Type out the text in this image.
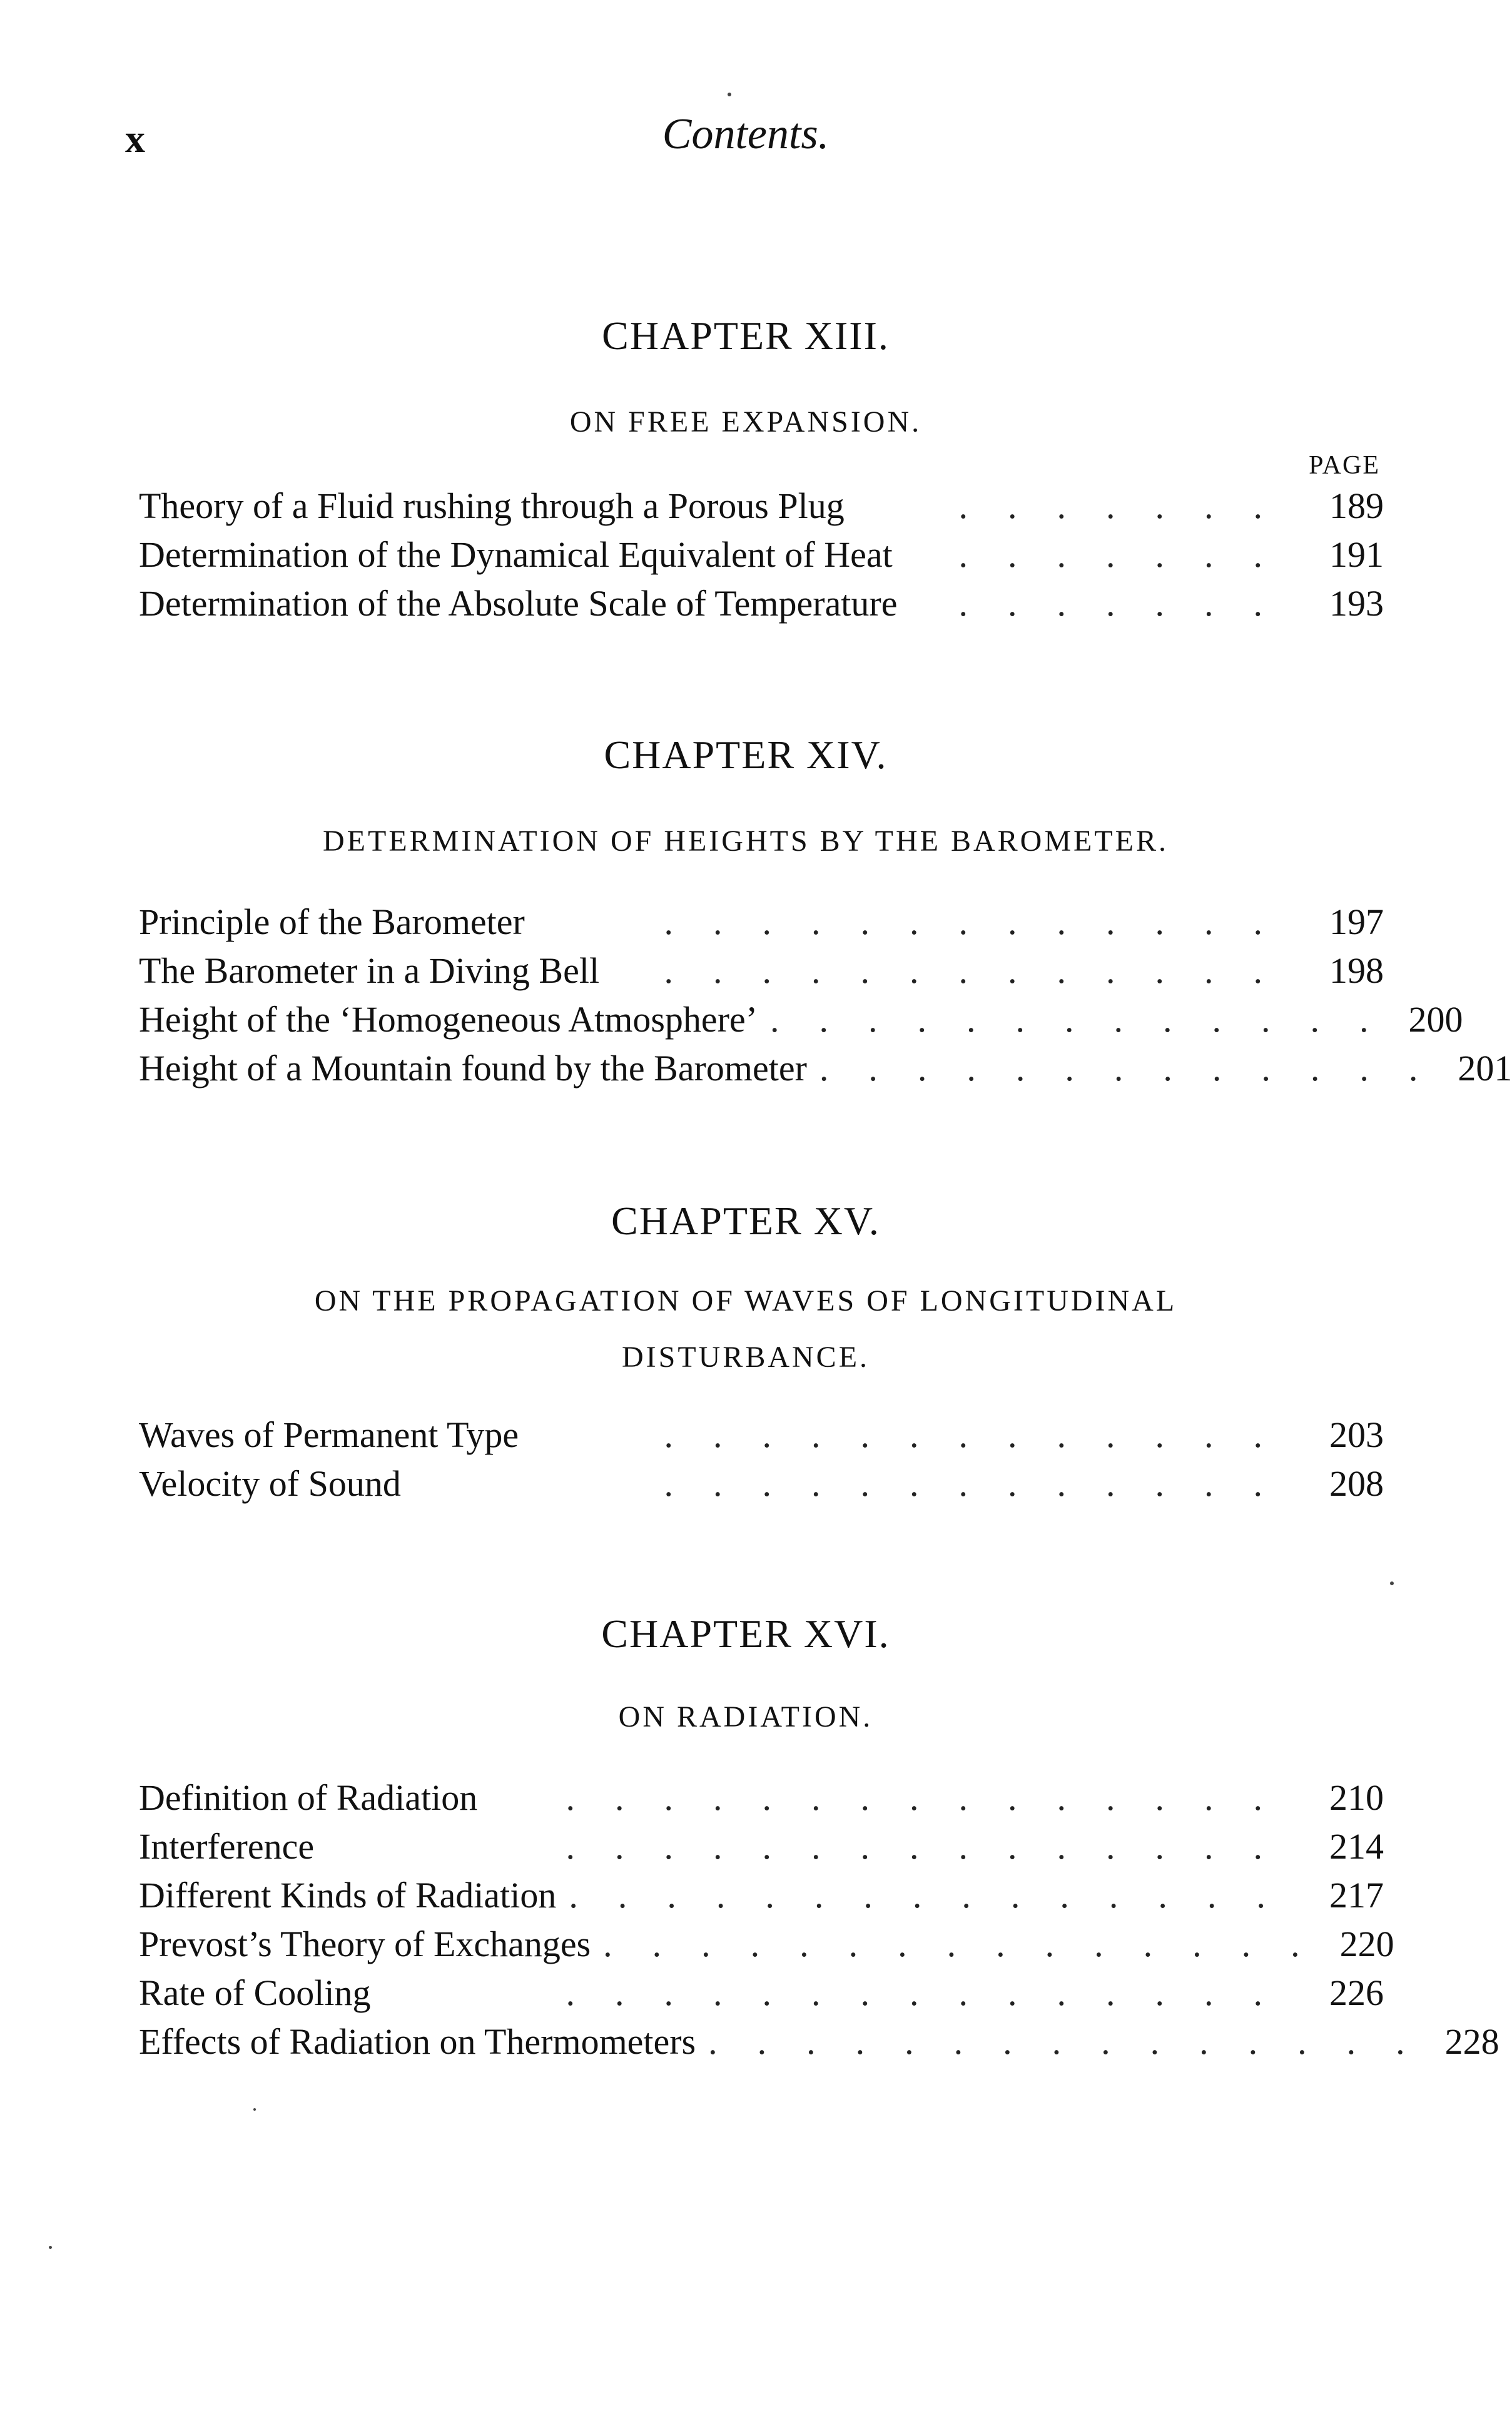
x	Contents.
CHAPTER XIII.
ON FREE EXPANSION.
PAGE
Theory of a Fluid rushing through a Porous Plug	....... 189
Determination of the Dynamical Equivalent of Heat	....... 191
Determination of the Absolute Scale of Temperature	....... 193
CHAPTER XIV.
DETERMINATION OF HEIGHTS BY THE BAROMETER.
Principle of the Barometer	............. 197
The Barometer in a Diving Bell	............. 198
Height of the ‘Homogeneous Atmosphere’ ............. 200
Height of a Mountain found by the Barometer ............. 201
CHAPTER XV.
ON THE PROPAGATION OF WAVES OF LONGITUDINAL DISTURBANCE.
Waves of Permanent Type	............. 203
Velocity of Sound	............. 208
CHAPTER XVI.
ON RADIATION.
Definition of Radiation	............... 210
Interference	............... 214
Different Kinds of Radiation ............... 217
Prevost’s Theory of Exchanges ............... 220
Rate of Cooling	............... 226
Effects of Radiation on Thermometers ............... 228
